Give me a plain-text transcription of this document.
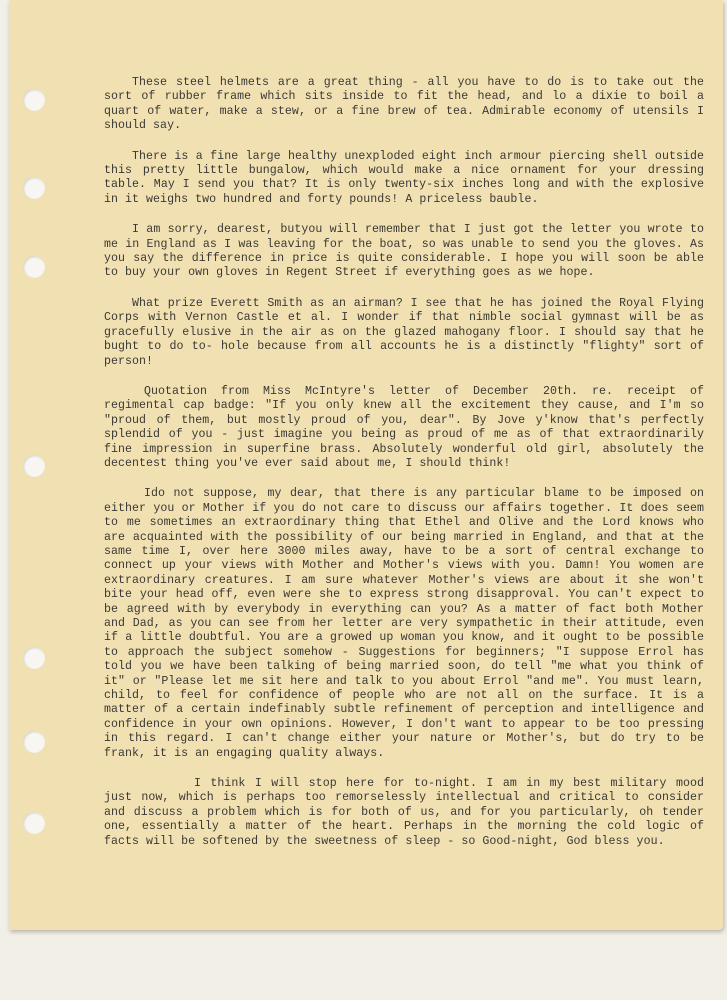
These steel helmets are a great thing - all you have to do is to take out the sort of rubber frame which sits inside to fit the head, and lo a dixie to boil a quart of water, make a stew, or a fine brew of tea. Admirable economy of utensils I should say.

There is a fine large healthy unexploded eight inch armour piercing shell outside this pretty little bungalow, which would make a nice ornament for your dressing table. May I send you that? It is only twenty-six inches long and with the explosive in it weighs two hundred and forty pounds! A priceless bauble.

I am sorry, dearest, butyou will remember that I just got the letter you wrote to me in England as I was leaving for the boat, so was unable to send you the gloves. As you say the difference in price is quite considerable. I hope you will soon be able to buy your own gloves in Regent Street if everything goes as we hope.

What prize Everett Smith as an airman? I see that he has joined the Royal Flying Corps with Vernon Castle et al. I wonder if that nimble social gymnast will be as gracefully elusive in the air as on the glazed mahogany floor. I should say that he bught to do to- hole because from all accounts he is a distinctly "flighty" sort of person!

Quotation from Miss McIntyre's letter of December 20th. re. receipt of regimental cap badge: "If you only knew all the excitement they cause, and I'm so "proud of them, but mostly proud of you, dear". By Jove y'know that's perfectly splendid of you - just imagine you being as proud of me as of that extraordinarily fine impression in superfine brass. Absolutely wonderful old girl, absolutely the decentest thing you've ever said about me, I should think!

Ido not suppose, my dear, that there is any particular blame to be imposed on either you or Mother if you do not care to discuss our affairs together. It does seem to me sometimes an extraordinary thing that Ethel and Olive and the Lord knows who are acquainted with the possibility of our being married in England, and that at the same time I, over here 3000 miles away, have to be a sort of central exchange to connect up your views with Mother and Mother's views with you. Damn! You women are extraordinary creatures. I am sure whatever Mother's views are about it she won't bite your head off, even were she to express strong disapproval. You can't expect to be agreed with by everybody in everything can you? As a matter of fact both Mother and Dad, as you can see from her letter are very sympathetic in their attitude, even if a little doubtful. You are a growed up woman you know, and it ought to be possible to approach the subject somehow - Suggestions for beginners; "I suppose Errol has told you we have been talking of being married soon, do tell "me what you think of it" or "Please let me sit here and talk to you about Errol "and me". You must learn, child, to feel for confidence of people who are not all on the surface. It is a matter of a certain indefinably subtle refinement of perception and intelligence and confidence in your own opinions. However, I don't want to appear to be too pressing in this regard. I can't change either your nature or Mother's, but do try to be frank, it is an engaging quality always.

I think I will stop here for to-night. I am in my best military mood just now, which is perhaps too remorselessly intellectual and critical to consider and discuss a problem which is for both of us, and for you particularly, oh tender one, essentially a matter of the heart. Perhaps in the morning the cold logic of facts will be softened by the sweetness of sleep - so Good-night, God bless you.
